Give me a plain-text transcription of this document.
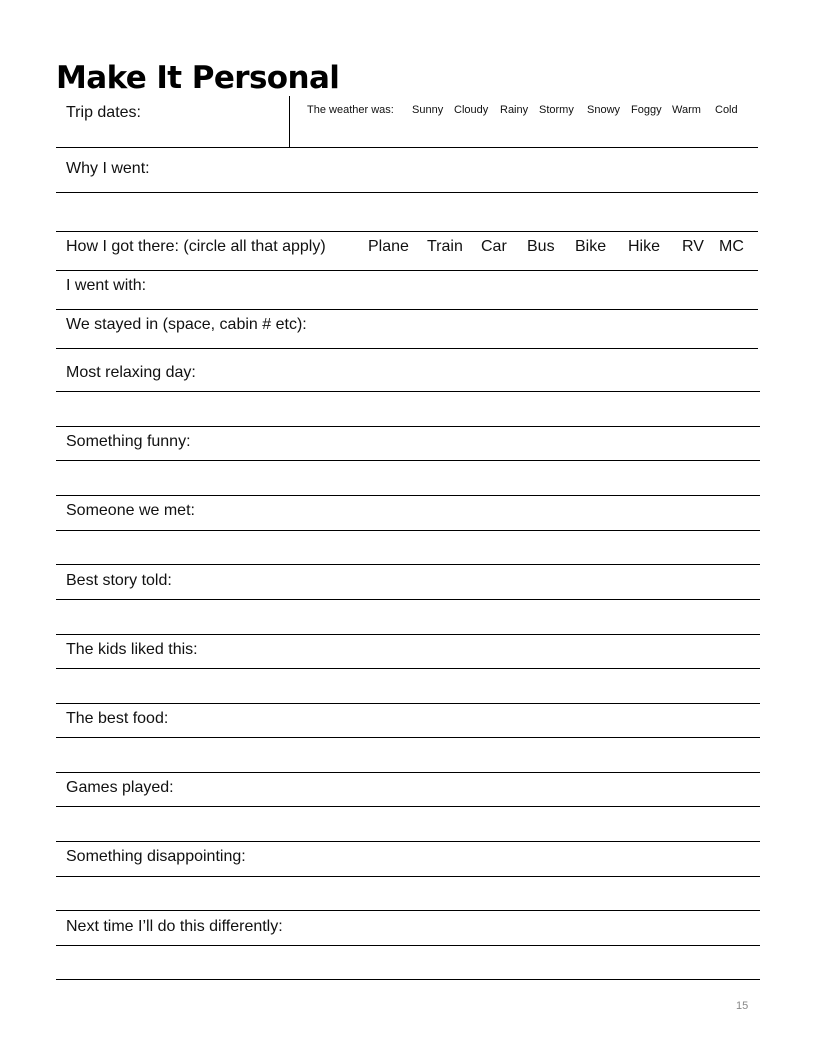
Make It Personal
Trip dates:	The weather was: Sunny Cloudy Rainy Stormy Snowy Foggy Warm Cold
Why I went:
How I got there: (circle all that apply)	Plane Train Car Bus Bike Hike RV MC
I went with:
We stayed in (space, cabin # etc):
Most relaxing day:
Something funny:
Someone we met:
Best story told:
The kids liked this:
The best food:
Games played:
Something disappointing:
Next time I’ll do this differently:
15
